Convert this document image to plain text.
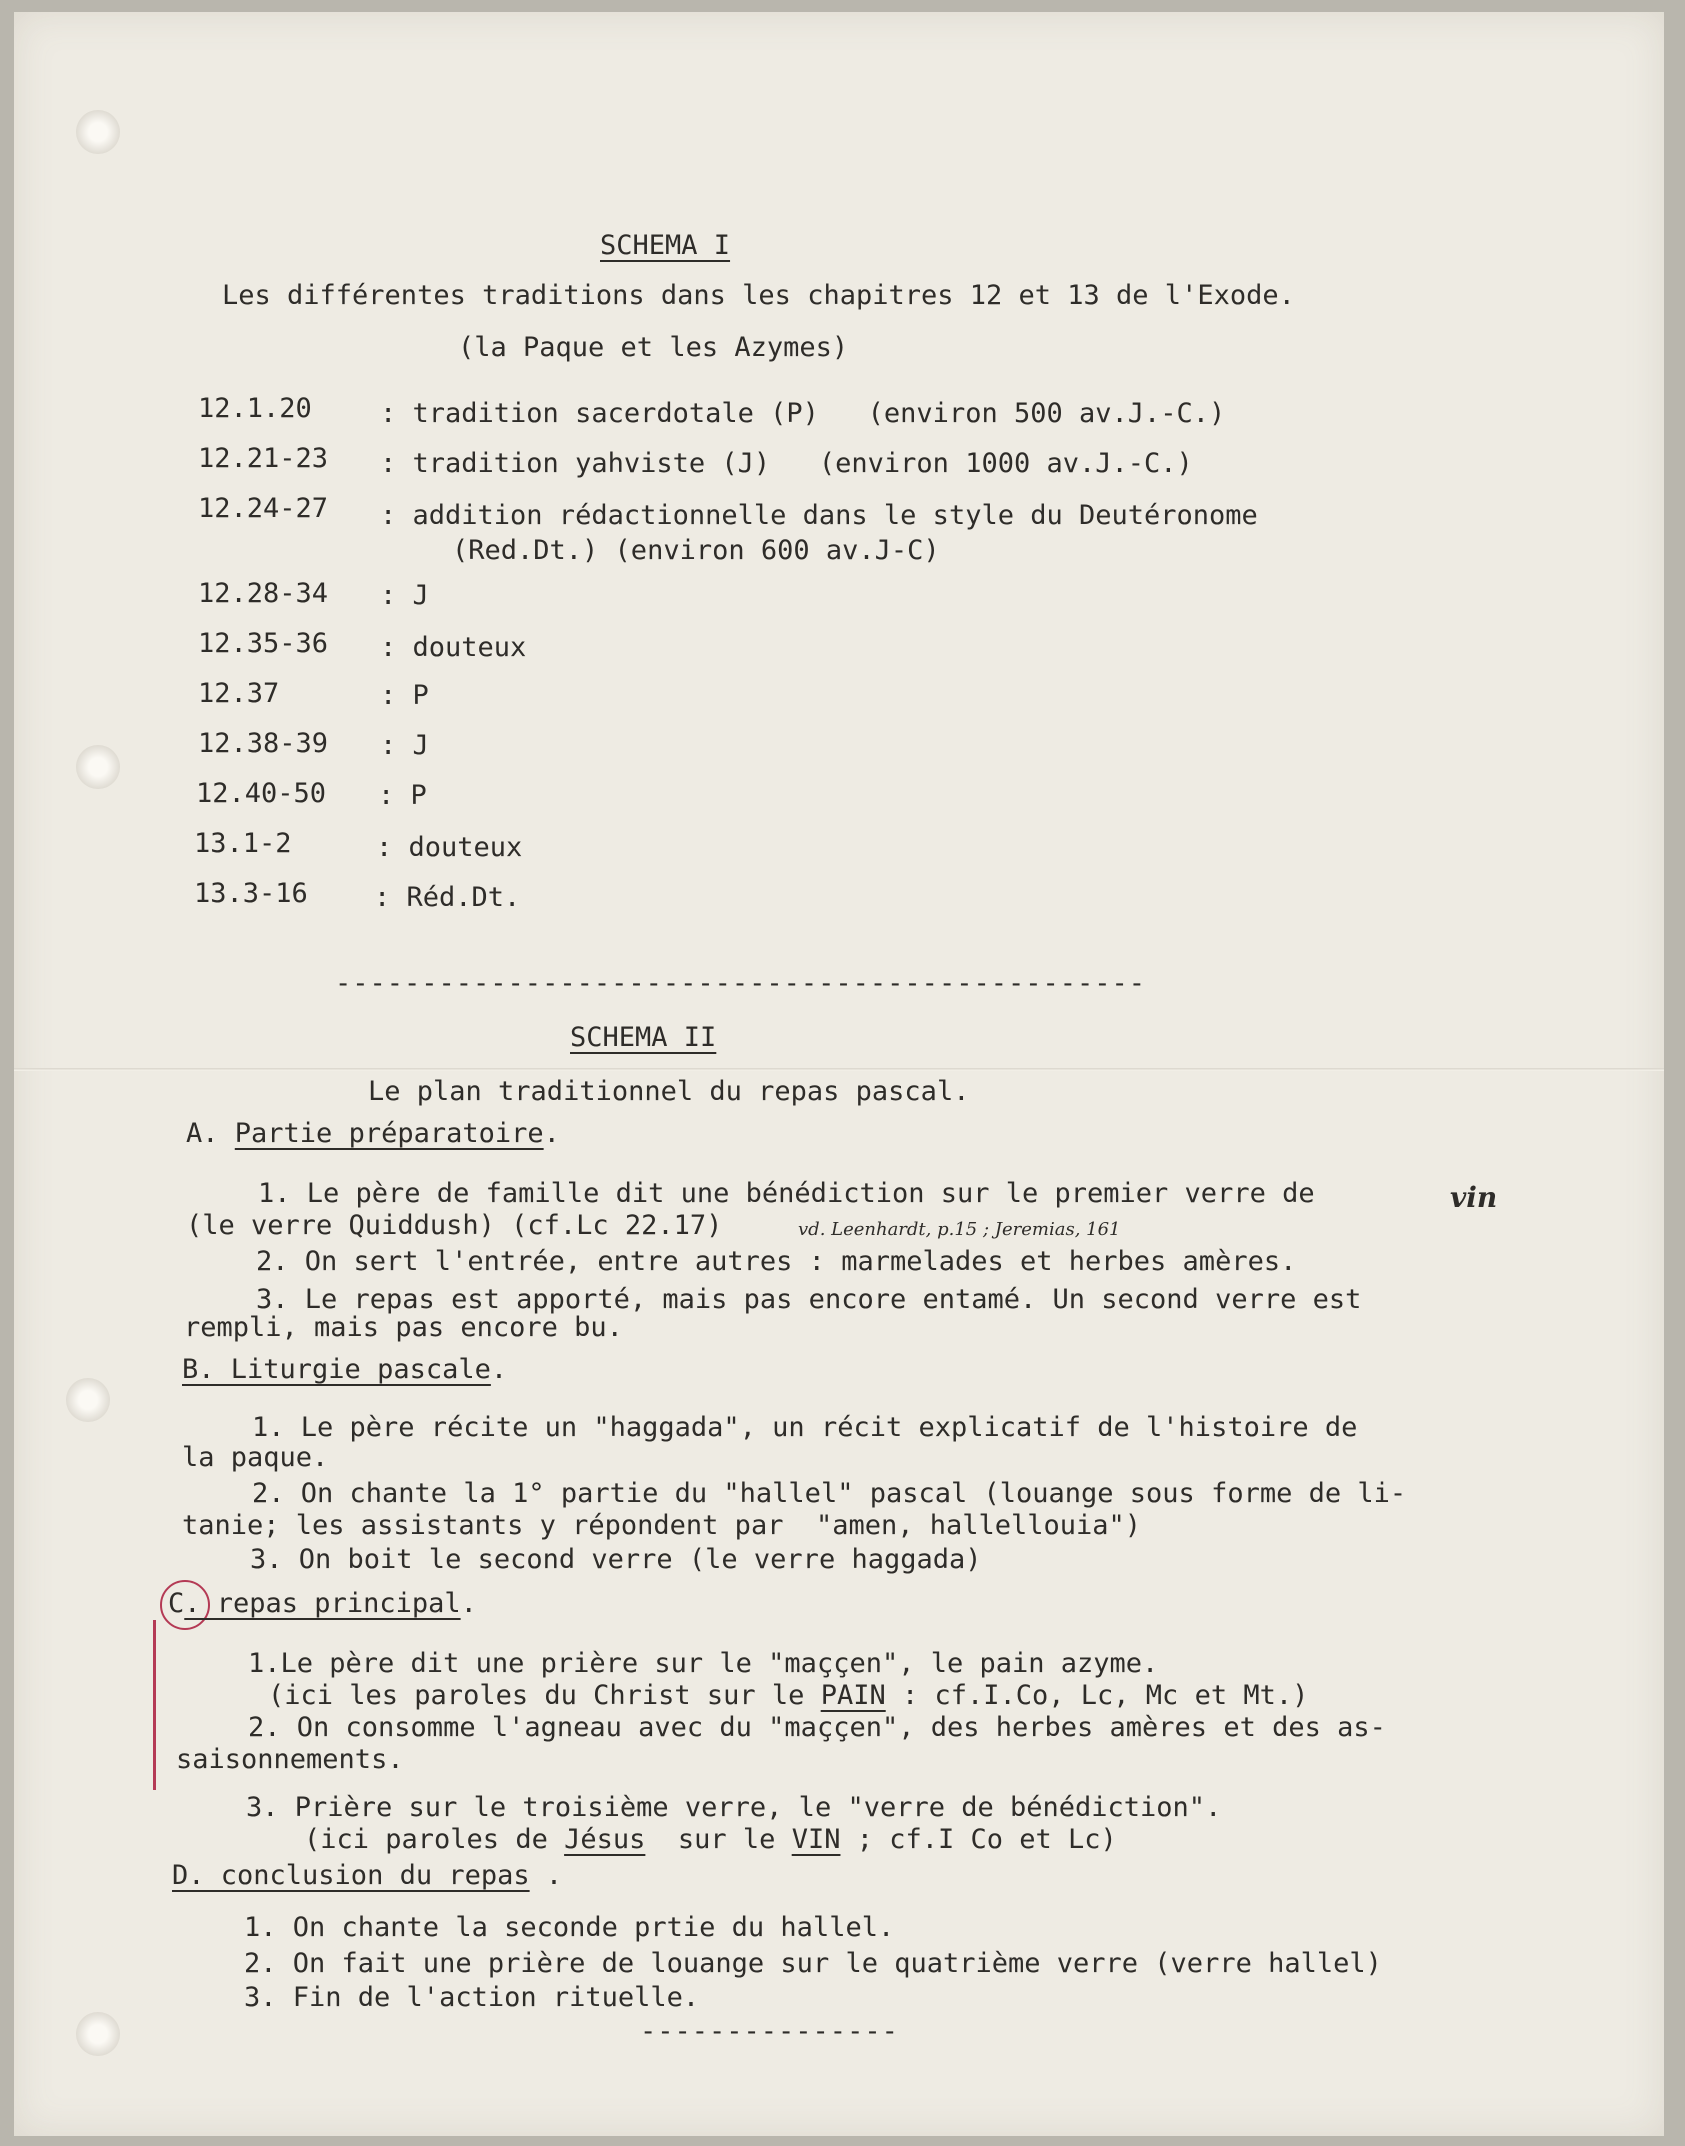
SCHEMA I
Les différentes traditions dans les chapitres 12 et 13 de l'Exode.
(la Paque et les Azymes)
12.1.20	: tradition sacerdotale (P)   (environ 500 av.J.-C.)
12.21-23 : tradition yahviste (J)   (environ 1000 av.J.-C.)
12.24-27 : addition rédactionnelle dans le style du Deutéronome
(Red.Dt.) (environ 600 av.J-C)
12.28-34 : J
12.35-36 : douteux
12.37	: P
12.38-39 : J
12.40-50 : P
13.1-2	: douteux
13.3-16 : Réd.Dt.
-----------------------------------------------
SCHEMA II
Le plan traditionnel du repas pascal.
A. Partie préparatoire.
1. Le père de famille dit une bénédiction sur le premier verre de	vin
(le verre Quiddush) (cf.Lc 22.17)	vd. Leenhardt, p.15 ; Jeremias, 161
2. On sert l'entrée, entre autres : marmelades et herbes amères.
3. Le repas est apporté, mais pas encore entamé. Un second verre est
rempli, mais pas encore bu.
B. Liturgie pascale.
1. Le père récite un "haggada", un récit explicatif de l'histoire de
la paque.
2. On chante la 1° partie du "hallel" pascal (louange sous forme de li-
tanie; les assistants y répondent par  "amen, hallellouia")
3. On boit le second verre (le verre haggada)
C. repas principal.
1.Le père dit une prière sur le "maççen", le pain azyme.
(ici les paroles du Christ sur le PAIN : cf.I.Co, Lc, Mc et Mt.)
2. On consomme l'agneau avec du "maççen", des herbes amères et des as-
saisonnements.
3. Prière sur le troisième verre, le "verre de bénédiction".
(ici paroles de Jésus  sur le VIN ; cf.I Co et Lc)
D. conclusion du repas .
1. On chante la seconde prtie du hallel.
2. On fait une prière de louange sur le quatrième verre (verre hallel)
3. Fin de l'action rituelle.
---------------
